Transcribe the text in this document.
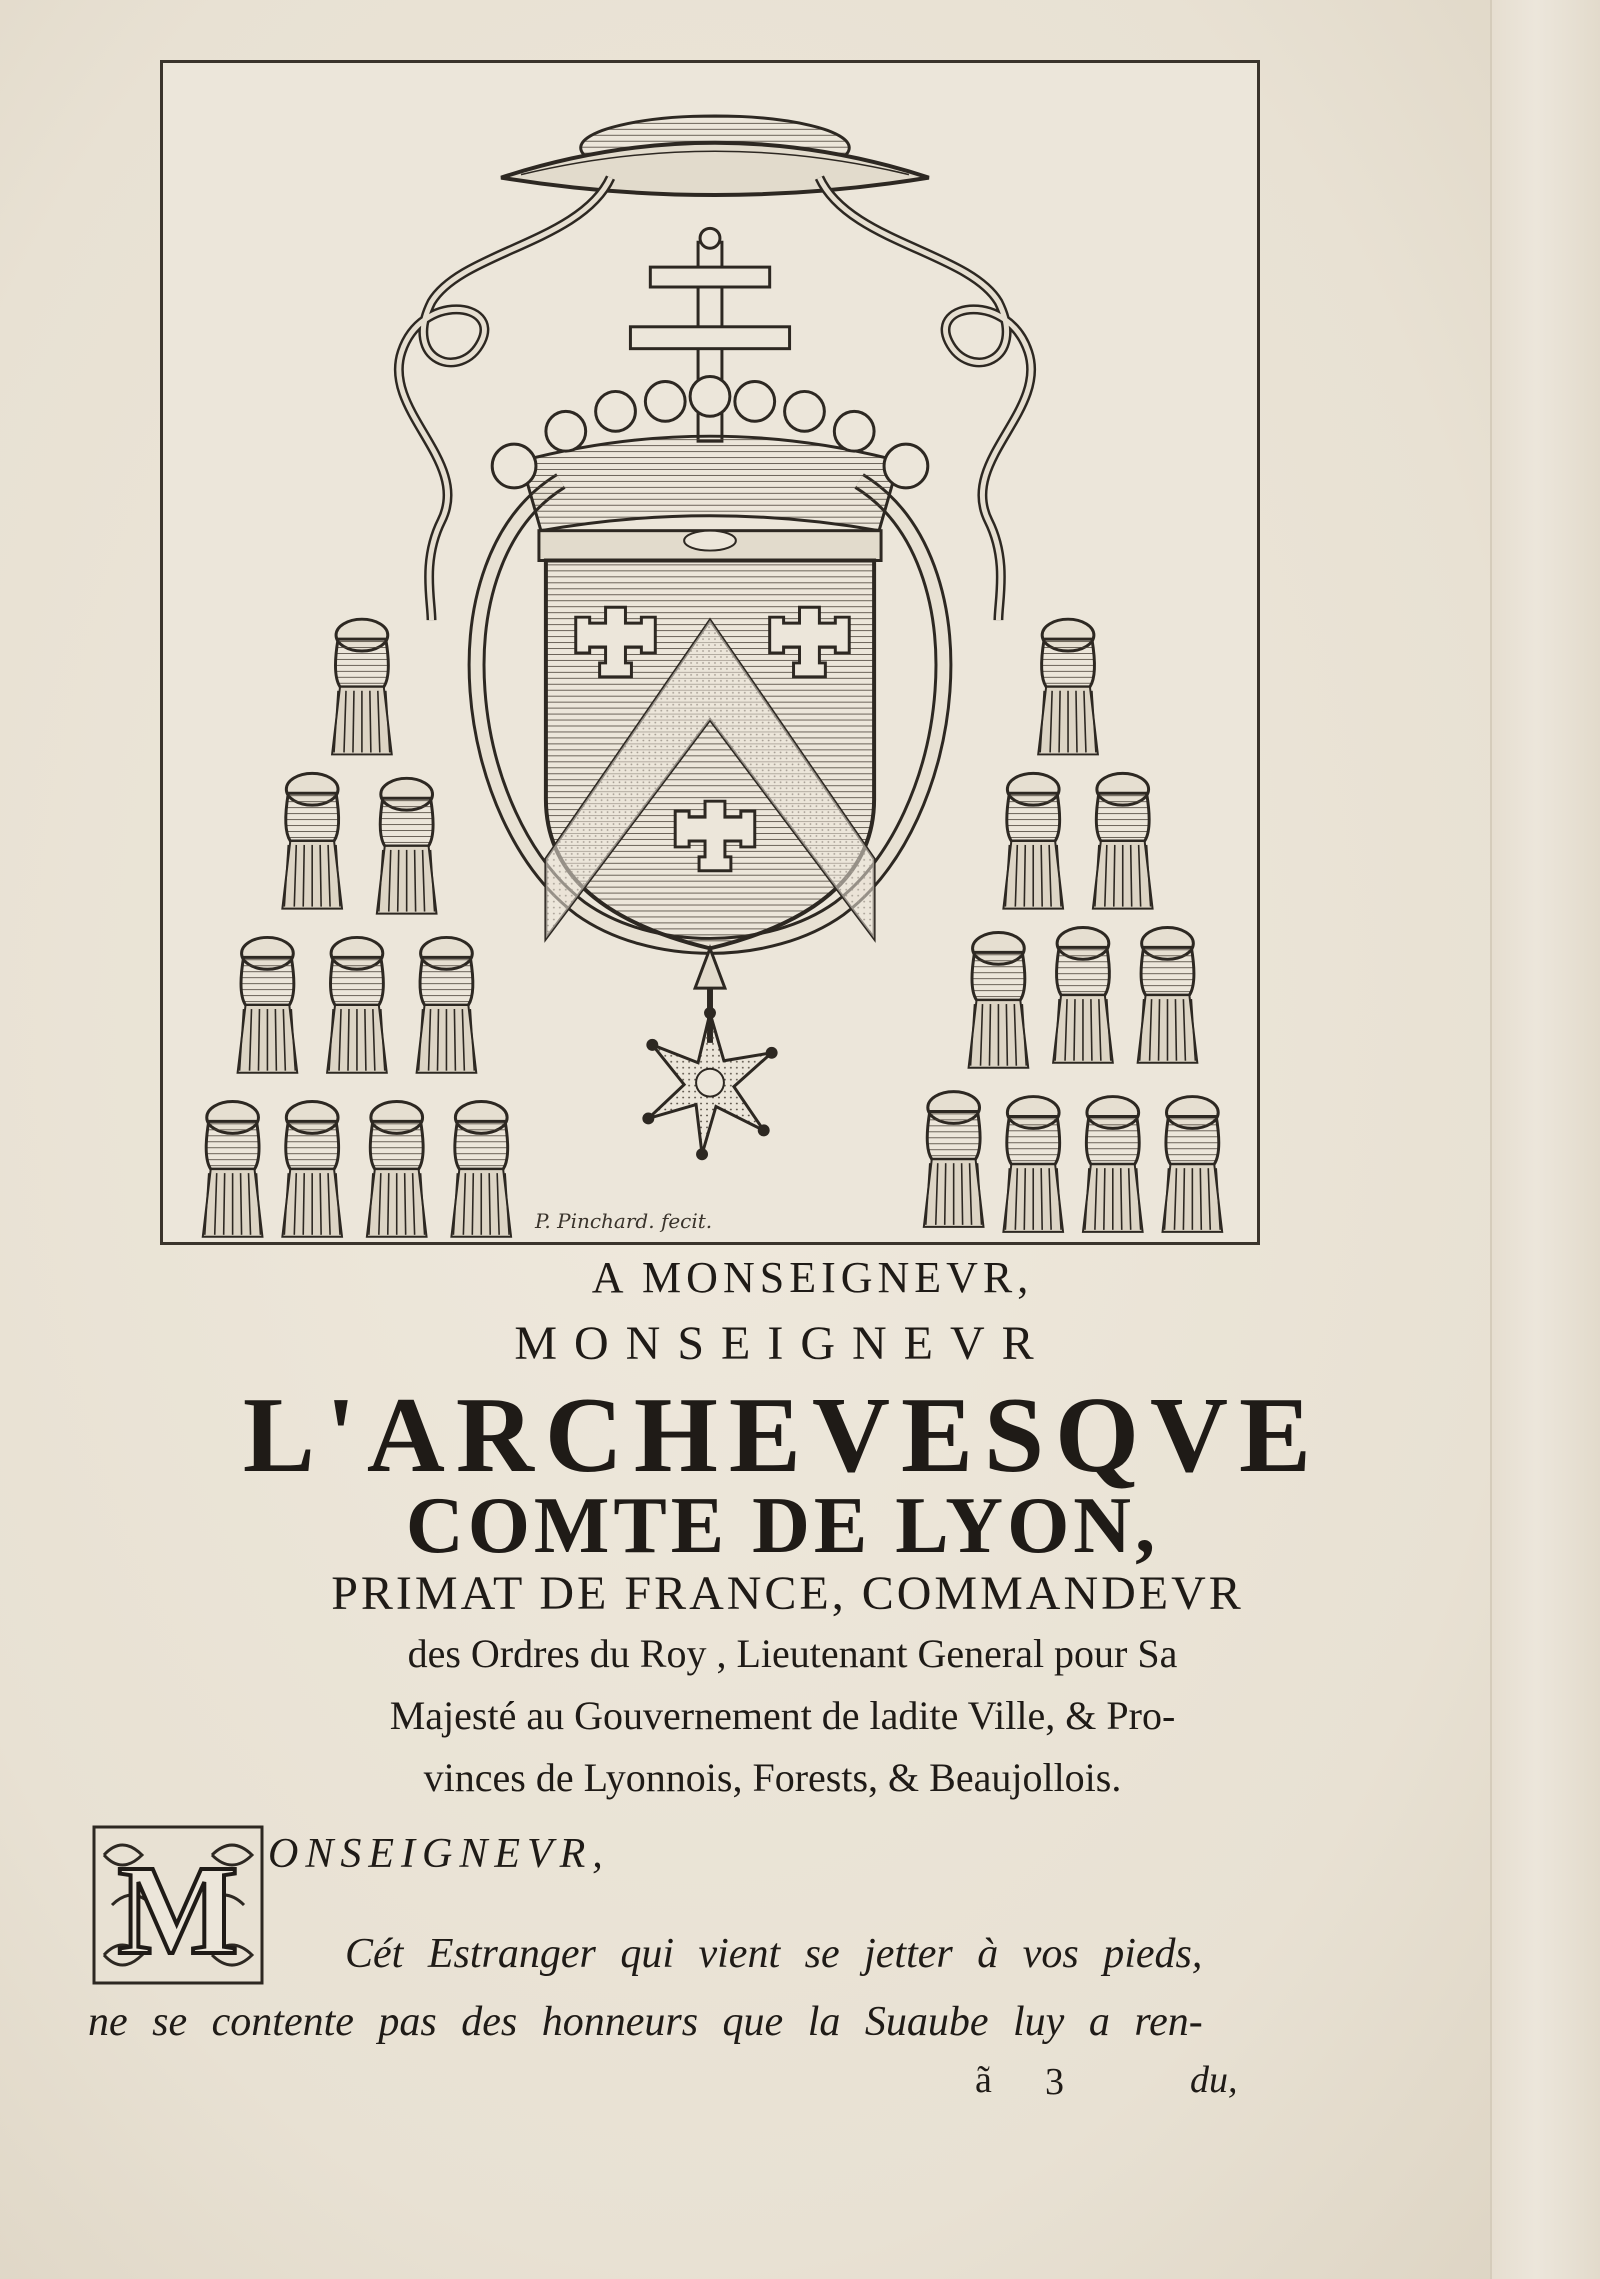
P. Pinchard. fecit.
A MONSEIGNEVR,
MONSEIGNEVR
L'ARCHEVESQVE
COMTE DE LYON,
PRIMAT DE FRANCE, COMMANDEVR
des Ordres du Roy , Lieutenant General pour Sa
Majesté au Gouvernement de ladite Ville, & Pro-
vinces de Lyonnois, Forests, & Beaujollois.
M ONSEIGNEVR,
Cét Estranger qui vient se jetter à vos pieds,
ne se contente pas des honneurs que la Suaube luy a ren-
ã 3	du,
